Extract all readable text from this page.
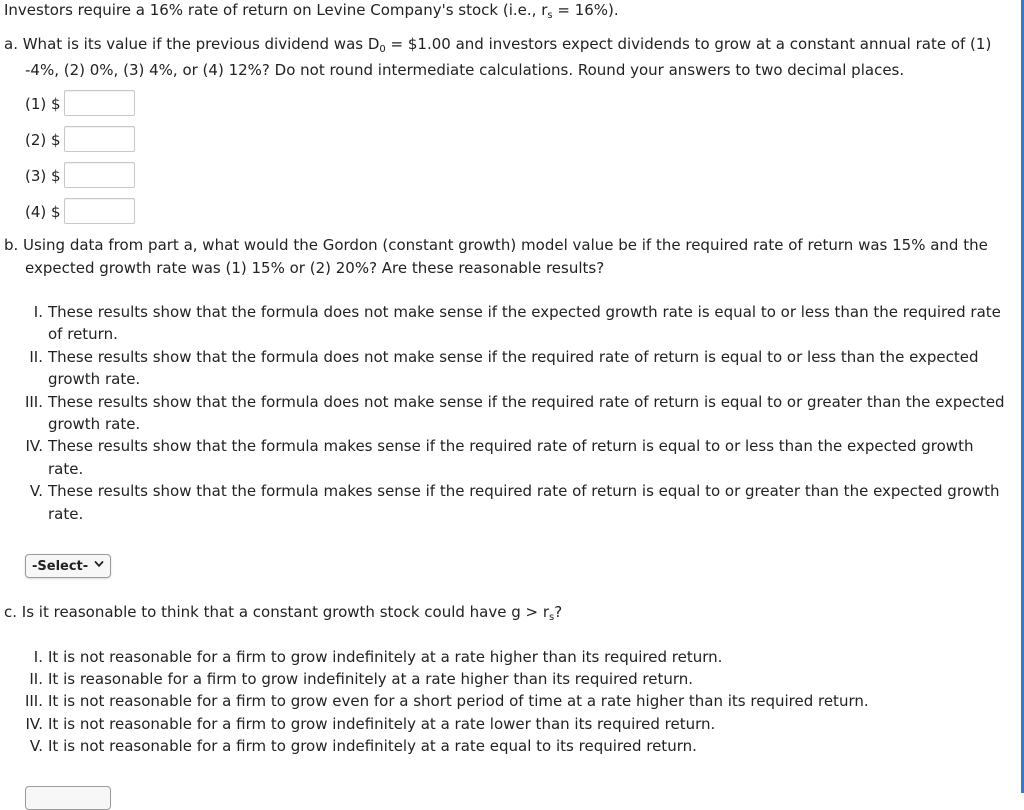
Investors require a 16% rate of return on Levine Company's stock (i.e., $r_s = 16\%$).
a. What is its value if the previous dividend was $D_0$ = $1.00 and investors expect dividends to grow at a constant annual rate of (1)
-4%, (2) 0%, (3) 4%, or (4) 12%? Do not round intermediate calculations. Round your answers to two decimal places.
(1) $
(2) $
(3) $
(4) $
b. Using data from part a, what would the Gordon (constant growth) model value be if the required rate of return was 15% and the
expected growth rate was (1) 15% or (2) 20%? Are these reasonable results?
I. These results show that the formula does not make sense if the expected growth rate is equal to or less than the required rate
of return.
II. These results show that the formula does not make sense if the required rate of return is equal to or less than the expected
growth rate.
III. These results show that the formula does not make sense if the required rate of return is equal to or greater than the expected
growth rate.
IV. These results show that the formula makes sense if the required rate of return is equal to or less than the expected growth
rate.
V. These results show that the formula makes sense if the required rate of return is equal to or greater than the expected growth
rate.
-Select-
c. Is it reasonable to think that a constant growth stock could have $g > r_s$?
I. It is not reasonable for a firm to grow indefinitely at a rate higher than its required return.
II. It is reasonable for a firm to grow indefinitely at a rate higher than its required return.
III. It is not reasonable for a firm to grow even for a short period of time at a rate higher than its required return.
IV. It is not reasonable for a firm to grow indefinitely at a rate lower than its required return.
V. It is not reasonable for a firm to grow indefinitely at a rate equal to its required return.
